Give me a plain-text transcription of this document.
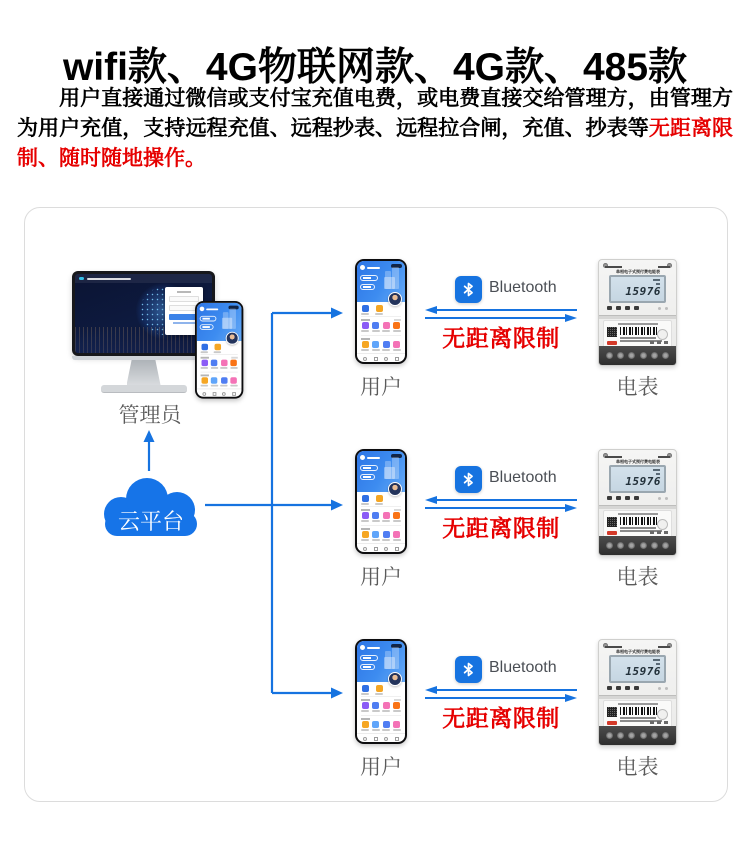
wifi款、4G物联网款、4G款、485款

用户直接通过微信或支付宝充值电费，或电费直接交给管理方，由管理方为用户充值，支持远程充值、远程抄表、远程拉合闸，充值、抄表等无距离限制、随时随地操作。

管理员
云平台
用户
Bluetooth
无距离限制
单相电子式预付费电能表
15976
电表
用户
Bluetooth
无距离限制
单相电子式预付费电能表
15976
电表
用户
Bluetooth
无距离限制
单相电子式预付费电能表
15976
电表
